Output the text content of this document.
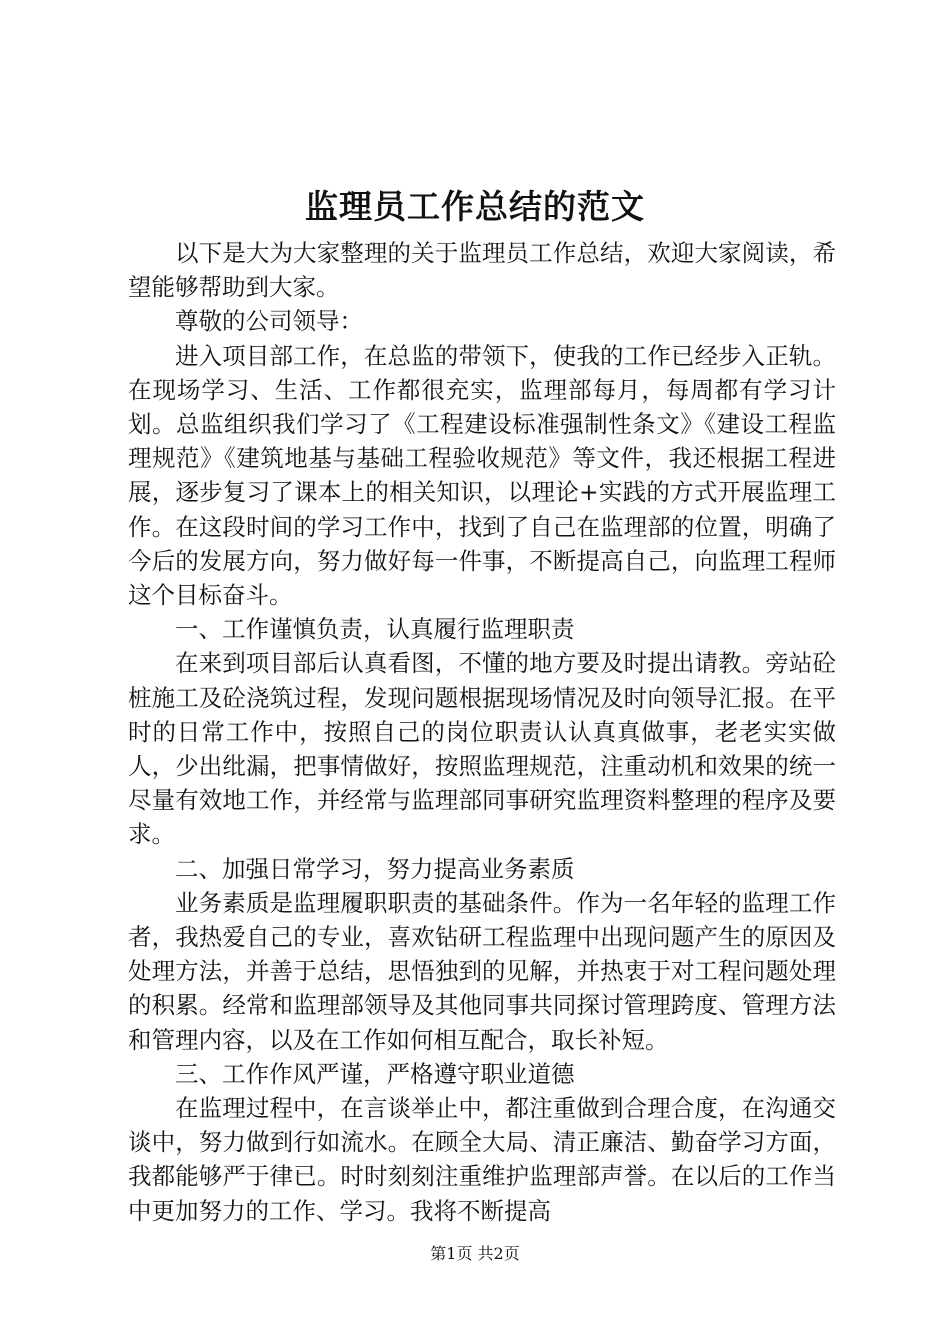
监理员工作总结的范文

以下是大为大家整理的关于监理员工作总结，欢迎大家阅读，希望能够帮助到大家。

尊敬的公司领导：

进入项目部工作，在总监的带领下，使我的工作已经步入正轨。在现场学习、生活、工作都很充实，监理部每月，每周都有学习计划。总监组织我们学习了《工程建设标准强制性条文》《建设工程监理规范》《建筑地基与基础工程验收规范》等文件，我还根据工程进展，逐步复习了课本上的相关知识，以理论+实践的方式开展监理工作。在这段时间的学习工作中，找到了自己在监理部的位置，明确了今后的发展方向，努力做好每一件事，不断提高自己，向监理工程师这个目标奋斗。

一、工作谨慎负责，认真履行监理职责

在来到项目部后认真看图，不懂的地方要及时提出请教。旁站砼桩施工及砼浇筑过程，发现问题根据现场情况及时向领导汇报。在平时的日常工作中，按照自己的岗位职责认认真真做事，老老实实做人，少出纰漏，把事情做好，按照监理规范，注重动机和效果的统一尽量有效地工作，并经常与监理部同事研究监理资料整理的程序及要求。

二、加强日常学习，努力提高业务素质

业务素质是监理履职职责的基础条件。作为一名年轻的监理工作者，我热爱自己的专业，喜欢钻研工程监理中出现问题产生的原因及处理方法，并善于总结，思悟独到的见解，并热衷于对工程问题处理的积累。经常和监理部领导及其他同事共同探讨管理跨度、管理方法和管理内容，以及在工作如何相互配合，取长补短。

三、工作作风严谨，严格遵守职业道德

在监理过程中，在言谈举止中，都注重做到合理合度，在沟通交谈中，努力做到行如流水。在顾全大局、清正廉洁、勤奋学习方面，我都能够严于律已。时时刻刻注重维护监理部声誉。在以后的工作当中更加努力的工作、学习。我将不断提高

第1页 共2页
